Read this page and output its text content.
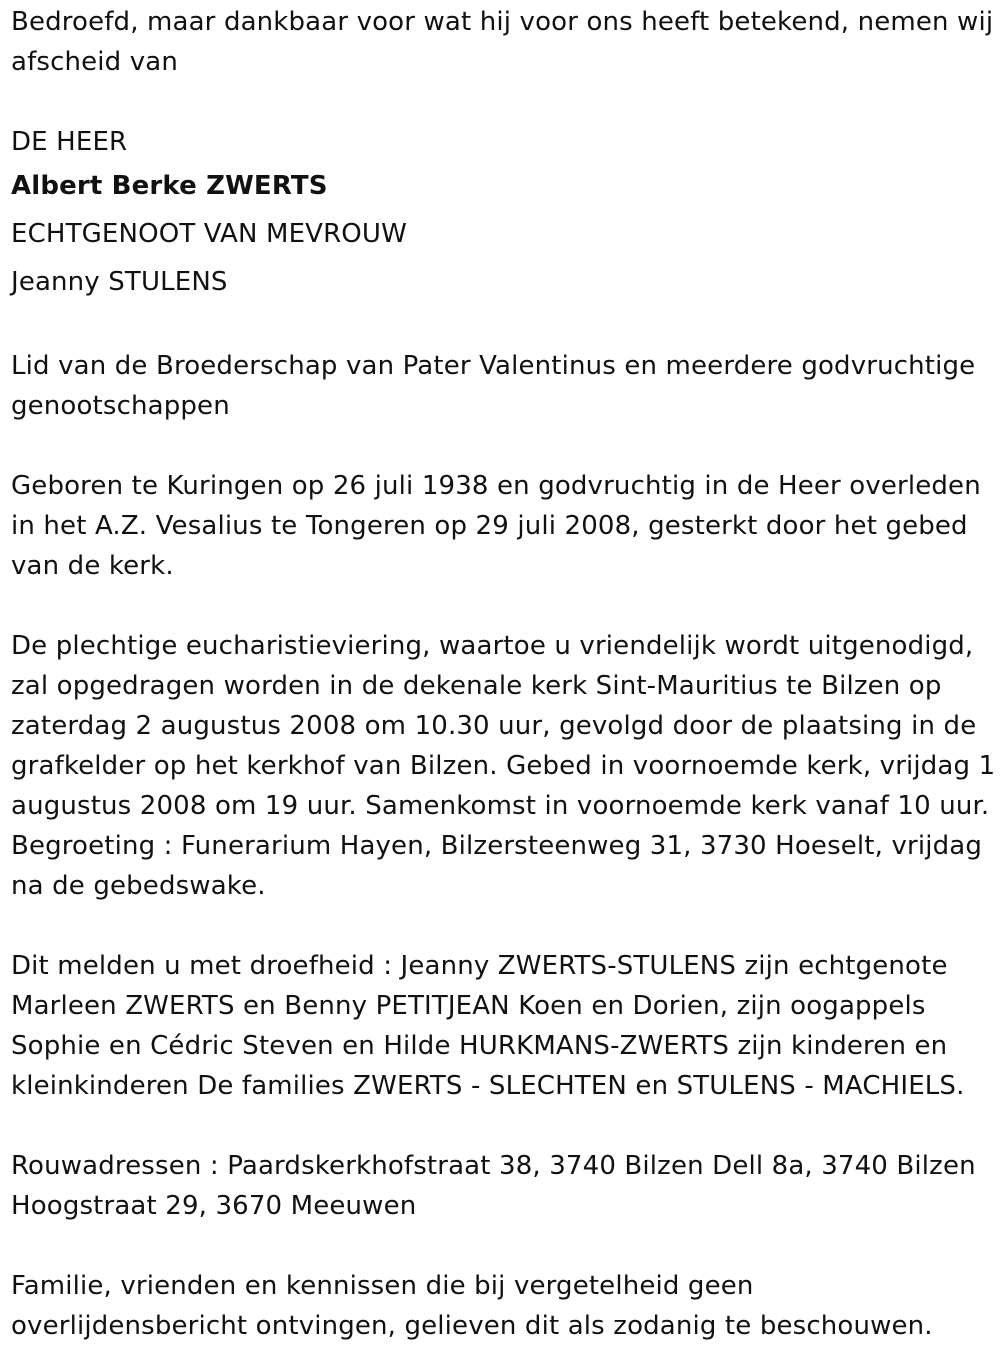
Bedroefd, maar dankbaar voor wat hij voor ons heeft betekend, nemen wij afscheid van

DE HEER
Albert Berke ZWERTS
ECHTGENOOT VAN MEVROUW
Jeanny STULENS

Lid van de Broederschap van Pater Valentinus en meerdere godvruchtige genootschappen

Geboren te Kuringen op 26 juli 1938 en godvruchtig in de Heer overleden in het A.Z. Vesalius te Tongeren op 29 juli 2008, gesterkt door het gebed van de kerk.

De plechtige eucharistieviering, waartoe u vriendelijk wordt uitgenodigd, zal opgedragen worden in de dekenale kerk Sint-Mauritius te Bilzen op zaterdag 2 augustus 2008 om 10.30 uur, gevolgd door de plaatsing in de grafkelder op het kerkhof van Bilzen. Gebed in voornoemde kerk, vrijdag 1 augustus 2008 om 19 uur. Samenkomst in voornoemde kerk vanaf 10 uur. Begroeting : Funerarium Hayen, Bilzersteenweg 31, 3730 Hoeselt, vrijdag na de gebedswake.

Dit melden u met droefheid : Jeanny ZWERTS-STULENS zijn echtgenote Marleen ZWERTS en Benny PETITJEAN Koen en Dorien, zijn oogappels Sophie en Cédric Steven en Hilde HURKMANS-ZWERTS zijn kinderen en kleinkinderen De families ZWERTS - SLECHTEN en STULENS - MACHIELS.

Rouwadressen : Paardskerkhofstraat 38, 3740 Bilzen Dell 8a, 3740 Bilzen Hoogstraat 29, 3670 Meeuwen

Familie, vrienden en kennissen die bij vergetelheid geen overlijdensbericht ontvingen, gelieven dit als zodanig te beschouwen.
